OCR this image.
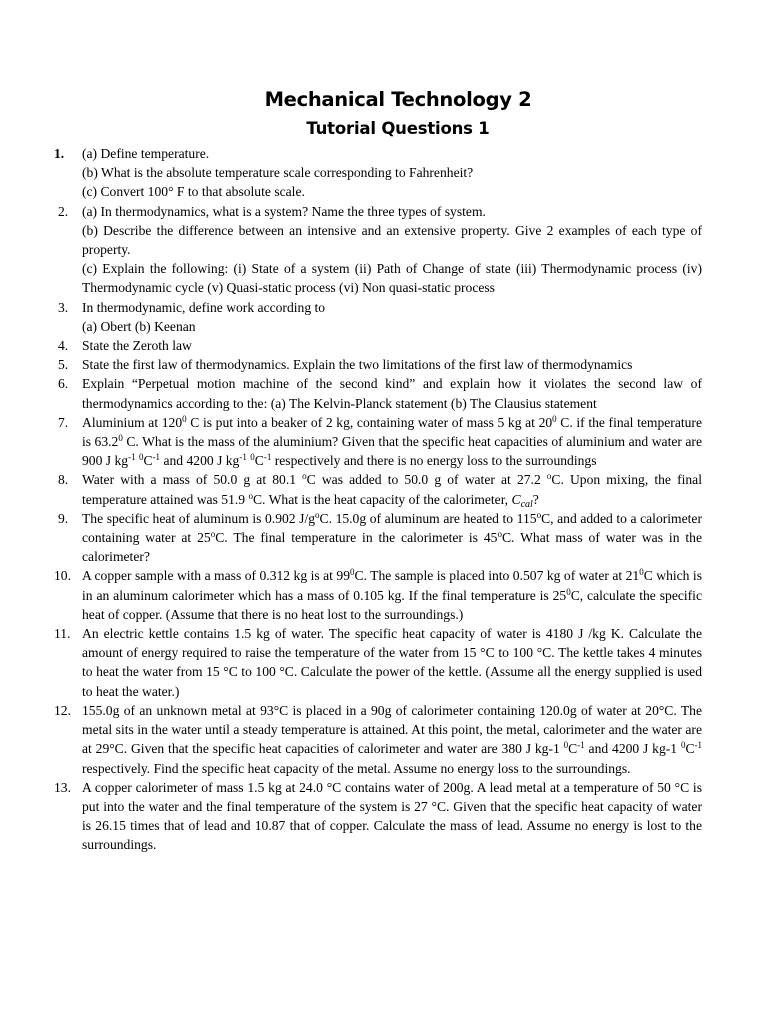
Mechanical Technology 2
Tutorial Questions 1
1.	(a) Define temperature.
(b) What is the absolute temperature scale corresponding to Fahrenheit?
(c) Convert 100° F to that absolute scale.
2.	(a) In thermodynamics, what is a system? Name the three types of system.
(b) Describe the difference between an intensive and an extensive property. Give 2 examples of each type of property.
(c) Explain the following: (i) State of a system (ii) Path of Change of state (iii) Thermodynamic process (iv) Thermodynamic cycle (v) Quasi-static process (vi) Non quasi-static process
3.	In thermodynamic, define work according to
(a) Obert (b) Keenan
4.	State the Zeroth law
5.	State the first law of thermodynamics. Explain the two limitations of the first law of thermodynamics
6.	Explain “Perpetual motion machine of the second kind” and explain how it violates the second law of thermodynamics according to the: (a) The Kelvin-Planck statement (b) The Clausius statement
7.	Aluminium at $120^0$ C is put into a beaker of 2 kg, containing water of mass 5 kg at $20^0$ C. if the final temperature is 63.2$^0$ C. What is the mass of the aluminium? Given that the specific heat capacities of aluminium and water are 900 J $kg^{-1}$ $^0C^{-1}$ and 4200 J $kg^{-1}$ $^0C^{-1}$ respectively and there is no energy loss to the surroundings
8.	Water with a mass of 50.0 g at 80.1 $^o$C was added to 50.0 g of water at 27.2 $^o$C. Upon mixing, the final temperature attained was 51.9 $^o$C. What is the heat capacity of the calorimeter, $C_{cal}$?
9.	The specific heat of aluminum is 0.902 $J/g^oC$. 15.0g of aluminum are heated to 115$^o$C, and added to a calorimeter containing water at 25$^o$C. The final temperature in the calorimeter is 45$^o$C. What mass of water was in the calorimeter?
10. A copper sample with a mass of 0.312 kg is at $99^0C$. The sample is placed into 0.507 kg of water at $21^0C$ which is in an aluminum calorimeter which has a mass of 0.105 kg. If the final temperature is $25^0C$, calculate the specific heat of copper. (Assume that there is no heat lost to the surroundings.)
11. An electric kettle contains 1.5 kg of water. The specific heat capacity of water is 4180 J /kg K. Calculate the amount of energy required to raise the temperature of the water from 15 °C to 100 °C. The kettle takes 4 minutes to heat the water from 15 °C to 100 °C. Calculate the power of the kettle. (Assume all the energy supplied is used to heat the water.)
12. 155.0g of an unknown metal at 93°C is placed in a 90g of calorimeter containing 120.0g of water at 20°C. The metal sits in the water until a steady temperature is attained. At this point, the metal, calorimeter and the water are at 29°C. Given that the specific heat capacities of calorimeter and water are 380 J kg-1 $^0C^{-1}$ and 4200 J kg-1 $^0C^{-1}$ respectively. Find the specific heat capacity of the metal. Assume no energy loss to the surroundings.
13. A copper calorimeter of mass 1.5 kg at 24.0 °C contains water of 200g. A lead metal at a temperature of 50 °C is put into the water and the final temperature of the system is 27 °C. Given that the specific heat capacity of water is 26.15 times that of lead and 10.87 that of copper. Calculate the mass of lead. Assume no energy is lost to the surroundings.
